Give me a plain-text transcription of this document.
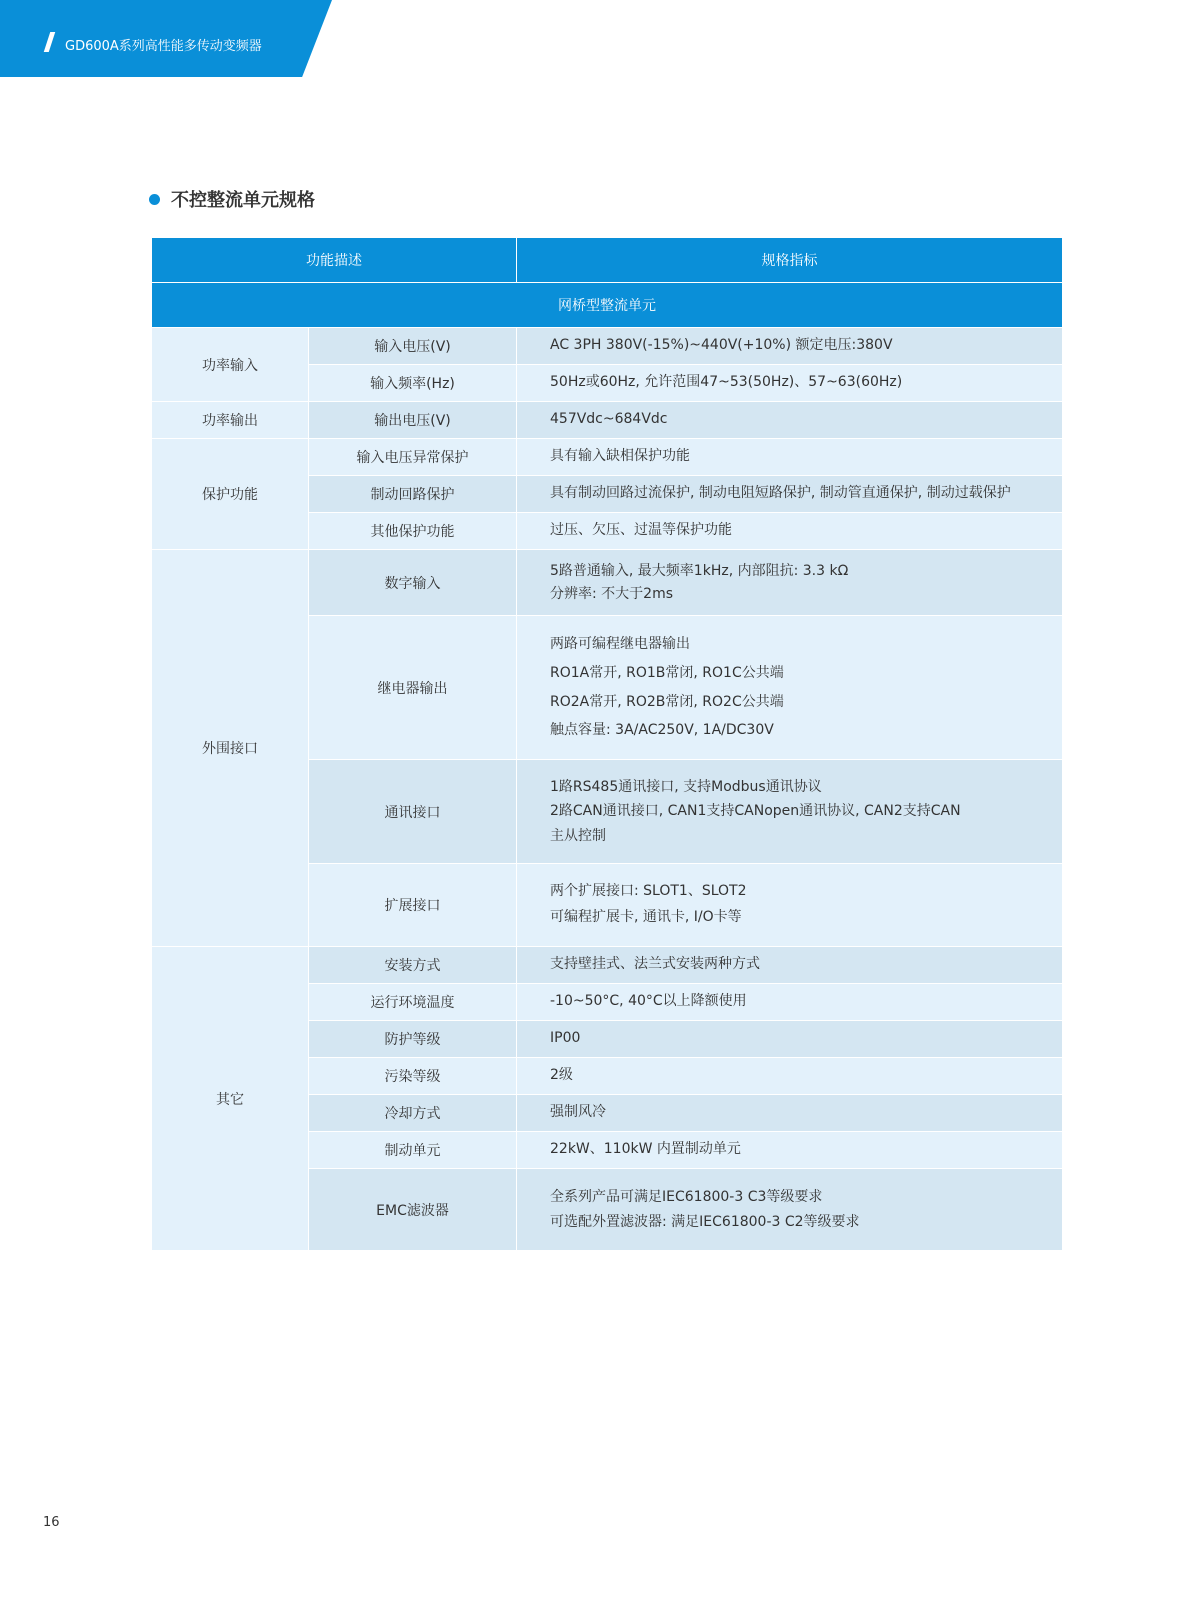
GD600A系列高性能多传动变频器
不控整流单元规格
功能描述		规格指标
网桥型整流单元		
功率输入	输入电压(V)	AC 3PH 380V(-15%)~440V(+10%) 额定电压:380V
	输入频率(Hz)	50Hz或60Hz, 允许范围47~53(50Hz)、57~63(60Hz)
功率输出	输出电压(V)	457Vdc~684Vdc
保护功能	输入电压异常保护	具有输入缺相保护功能
	制动回路保护	具有制动回路过流保护, 制动电阻短路保护, 制动管直通保护, 制动过载保护
	其他保护功能	过压、欠压、过温等保护功能
外围接口	数字输入	5路普通输入, 最大频率1kHz, 内部阻抗: 3.3 kΩ
分辨率: 不大于2ms

	继电器输出	两路可编程继电器输出
RO1A常开, RO1B常闭, RO1C公共端
RO2A常开, RO2B常闭, RO2C公共端
触点容量: 3A/AC250V, 1A/DC30V

	通讯接口	1路RS485通讯接口, 支持Modbus通讯协议
2路CAN通讯接口, CAN1支持CANopen通讯协议, CAN2支持CAN
主从控制

	扩展接口	两个扩展接口: SLOT1、SLOT2
可编程扩展卡, 通讯卡, I/O卡等

其它	安装方式	支持壁挂式、法兰式安装两种方式
	运行环境温度	-10~50°C, 40°C以上降额使用
	防护等级	IP00
	污染等级	2级
	冷却方式	强制风冷
	制动单元	22kW、110kW 内置制动单元
	EMC滤波器	全系列产品可满足IEC61800-3 C3等级要求
可选配外置滤波器: 满足IEC61800-3 C2等级要求
16
